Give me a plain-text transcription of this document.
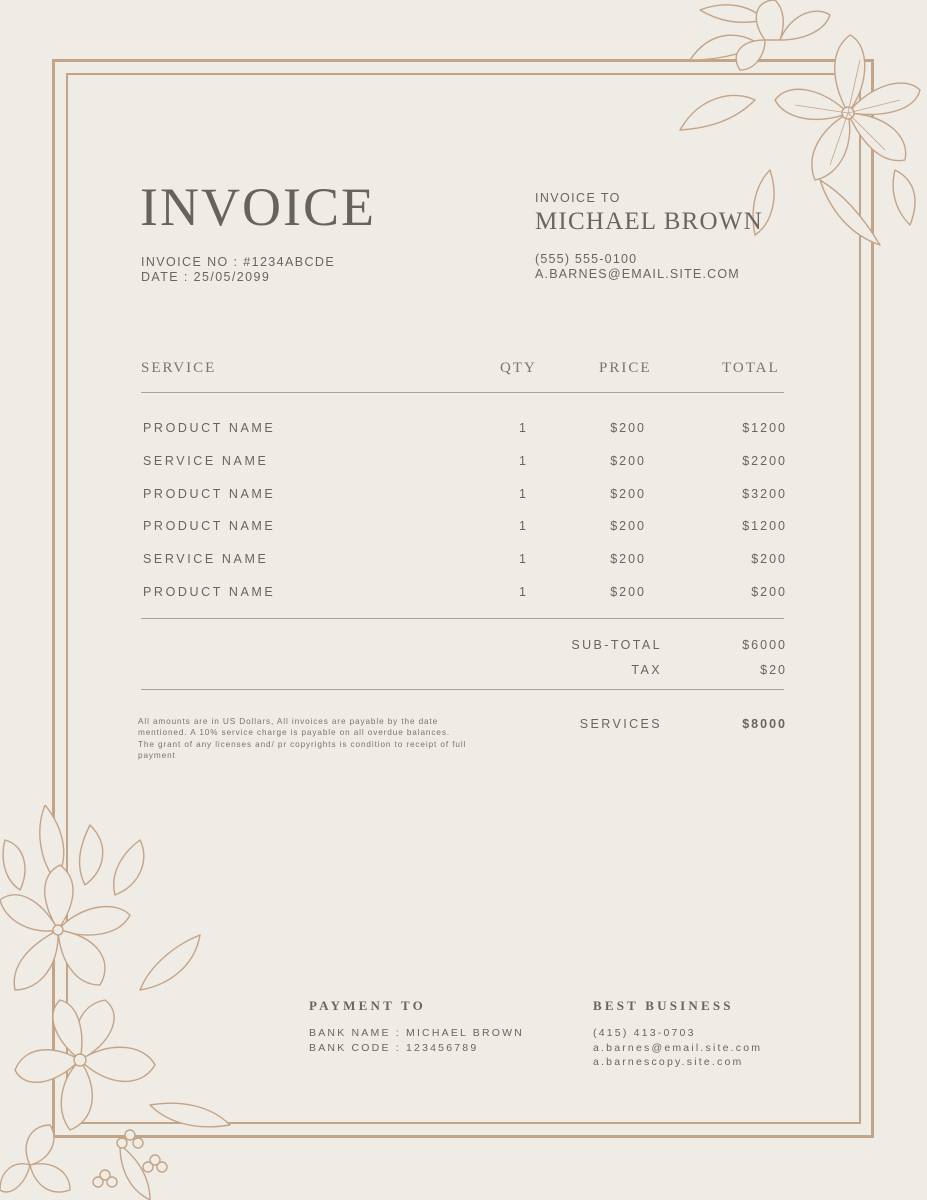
INVOICE
INVOICE NO : #1234ABCDE
DATE : 25/05/2099
INVOICE TO
MICHAEL BROWN
(555) 555-0100
A.BARNES@EMAIL.SITE.COM
SERVICE	QTY	PRICE	TOTAL
PRODUCT NAME	1	$200	$1200
SERVICE NAME	1	$200	$2200
PRODUCT NAME	1	$200	$3200
PRODUCT NAME	1	$200	$1200
SERVICE NAME	1	$200	$200
PRODUCT NAME	1	$200	$200
SUB-TOTAL	$6000
TAX	$20
SERVICES	$8000
All amounts are in US Dollars, All invoices are payable by the date mentioned. A 10% service charge is payable on all overdue balances. The grant of any licenses and/ pr copyrights is condition to receipt of full payment
PAYMENT TO
BANK NAME : MICHAEL BROWN
BANK CODE : 123456789
BEST BUSINESS
(415) 413-0703
a.barnes@email.site.com
a.barnescopy.site.com
